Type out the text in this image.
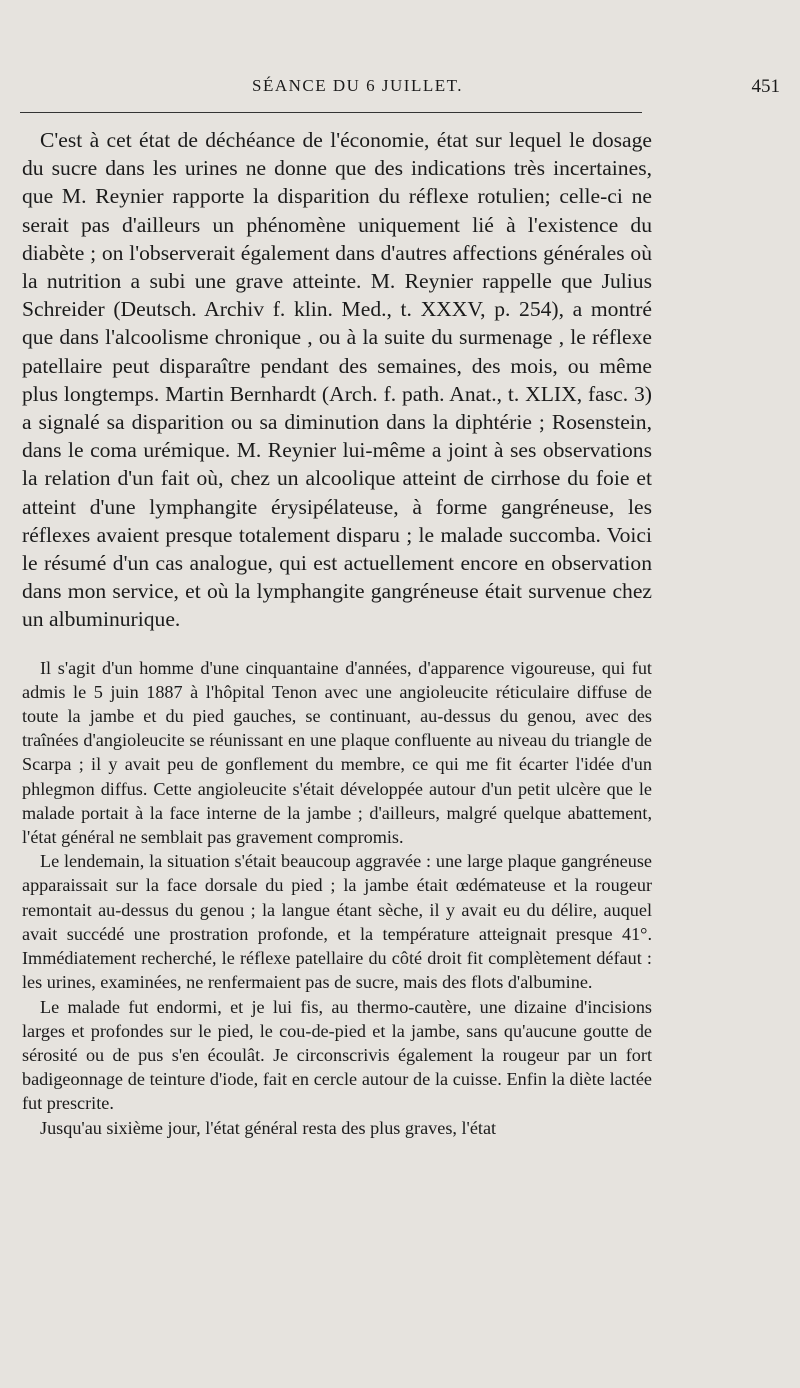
SÉANCE DU 6 JUILLET.	451

C'est à cet état de déchéance de l'économie, état sur lequel le dosage du sucre dans les urines ne donne que des indications très incertaines, que M. Reynier rapporte la disparition du réflexe rotulien; celle-ci ne serait pas d'ailleurs un phénomène uniquement lié à l'existence du diabète ; on l'observerait également dans d'autres affections générales où la nutrition a subi une grave atteinte. M. Reynier rappelle que Julius Schreider (Deutsch. Archiv f. klin. Med., t. XXXV, p. 254), a montré que dans l'alcoolisme chronique , ou à la suite du surmenage , le réflexe patellaire peut disparaître pendant des semaines, des mois, ou même plus longtemps. Martin Bernhardt (Arch. f. path. Anat., t. XLIX, fasc. 3) a signalé sa disparition ou sa diminution dans la diphtérie ; Rosenstein, dans le coma urémique. M. Reynier lui-même a joint à ses observations la relation d'un fait où, chez un alcoolique atteint de cirrhose du foie et atteint d'une lymphangite érysipélateuse, à forme gangréneuse, les réflexes avaient presque totalement disparu ; le malade succomba. Voici le résumé d'un cas analogue, qui est actuellement encore en observation dans mon service, et où la lymphangite gangréneuse était survenue chez un albuminurique.

Il s'agit d'un homme d'une cinquantaine d'années, d'apparence vigoureuse, qui fut admis le 5 juin 1887 à l'hôpital Tenon avec une angioleucite réticulaire diffuse de toute la jambe et du pied gauches, se continuant, au-dessus du genou, avec des traînées d'angioleucite se réunissant en une plaque confluente au niveau du triangle de Scarpa ; il y avait peu de gonflement du membre, ce qui me fit écarter l'idée d'un phlegmon diffus. Cette angioleucite s'était développée autour d'un petit ulcère que le malade portait à la face interne de la jambe ; d'ailleurs, malgré quelque abattement, l'état général ne semblait pas gravement compromis.

Le lendemain, la situation s'était beaucoup aggravée : une large plaque gangréneuse apparaissait sur la face dorsale du pied ; la jambe était œdémateuse et la rougeur remontait au-dessus du genou ; la langue étant sèche, il y avait eu du délire, auquel avait succédé une prostration profonde, et la température atteignait presque 41°. Immédiatement recherché, le réflexe patellaire du côté droit fit complètement défaut : les urines, examinées, ne renfermaient pas de sucre, mais des flots d'albumine.

Le malade fut endormi, et je lui fis, au thermo-cautère, une dizaine d'incisions larges et profondes sur le pied, le cou-de-pied et la jambe, sans qu'aucune goutte de sérosité ou de pus s'en écoulât. Je circonscrivis également la rougeur par un fort badigeonnage de teinture d'iode, fait en cercle autour de la cuisse. Enfin la diète lactée fut prescrite.

Jusqu'au sixième jour, l'état général resta des plus graves, l'état
